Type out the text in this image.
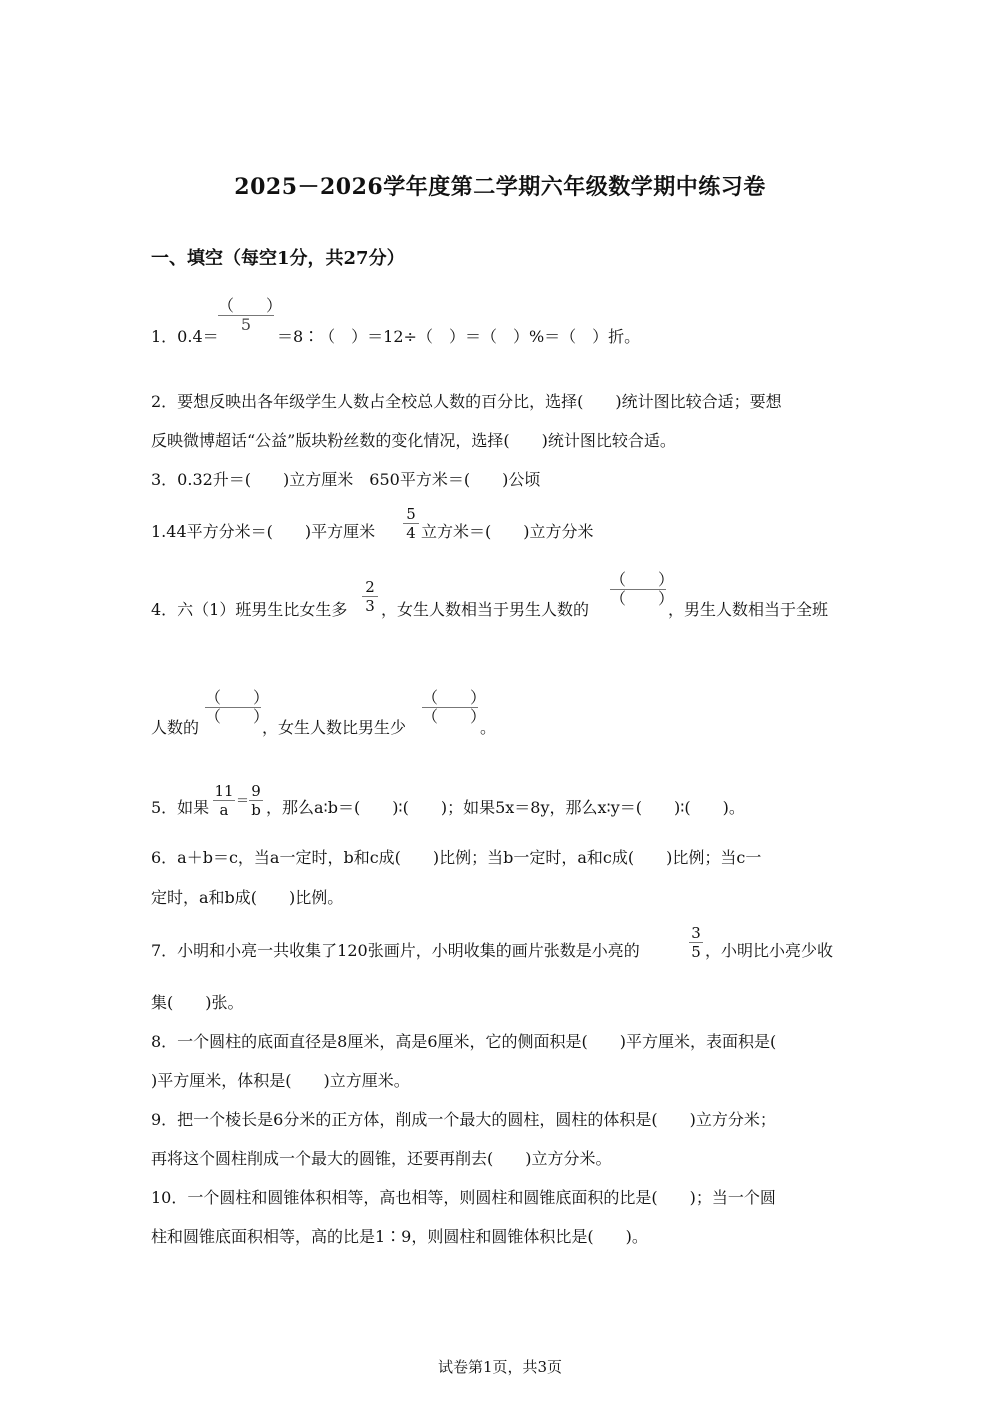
2025－2026学年度第二学期六年级数学期中练习卷
一、填空（每空1分，共27分）
（　　）
5
1．0.4＝	＝8∶（　）＝12÷（　）＝（　）%＝（　）折。
2．要想反映出各年级学生人数占全校总人数的百分比，选择(　　)统计图比较合适；要想
反映微博超话“公益”版块粉丝数的变化情况，选择(　　)统计图比较合适。
3．0.32升＝(　　)立方厘米　650平方米＝(　　)公顷
1.44平方分米＝(　　)平方厘米
5
4 立方米＝(　　)立方分米
4．六（1）班男生比女生多
2
3 ，女生人数相当于男生人数的
（　　）
（　　）
，男生人数相当于全班
人数的
（　　）
（　　）
，女生人数比男生少
（　　）
（　　）
。
5．如果
11
a ＝
9
b ，那么a∶b＝(　　)∶(　　)；如果5x＝8y，那么x∶y＝(　　)∶(　　)。
6．a＋b＝c，当a一定时，b和c成(　　)比例；当b一定时，a和c成(　　)比例；当c一
定时，a和b成(　　)比例。
7．小明和小亮一共收集了120张画片，小明收集的画片张数是小亮的
3
5 ，小明比小亮少收
集(　　)张。
8．一个圆柱的底面直径是8厘米，高是6厘米，它的侧面积是(　　)平方厘米，表面积是(
)平方厘米，体积是(　　)立方厘米。
9．把一个棱长是6分米的正方体，削成一个最大的圆柱，圆柱的体积是(　　)立方分米；
再将这个圆柱削成一个最大的圆锥，还要再削去(　　)立方分米。
10．一个圆柱和圆锥体积相等，高也相等，则圆柱和圆锥底面积的比是(　　)；当一个圆
柱和圆锥底面积相等，高的比是1∶9，则圆柱和圆锥体积比是(　　)。
试卷第1页，共3页
